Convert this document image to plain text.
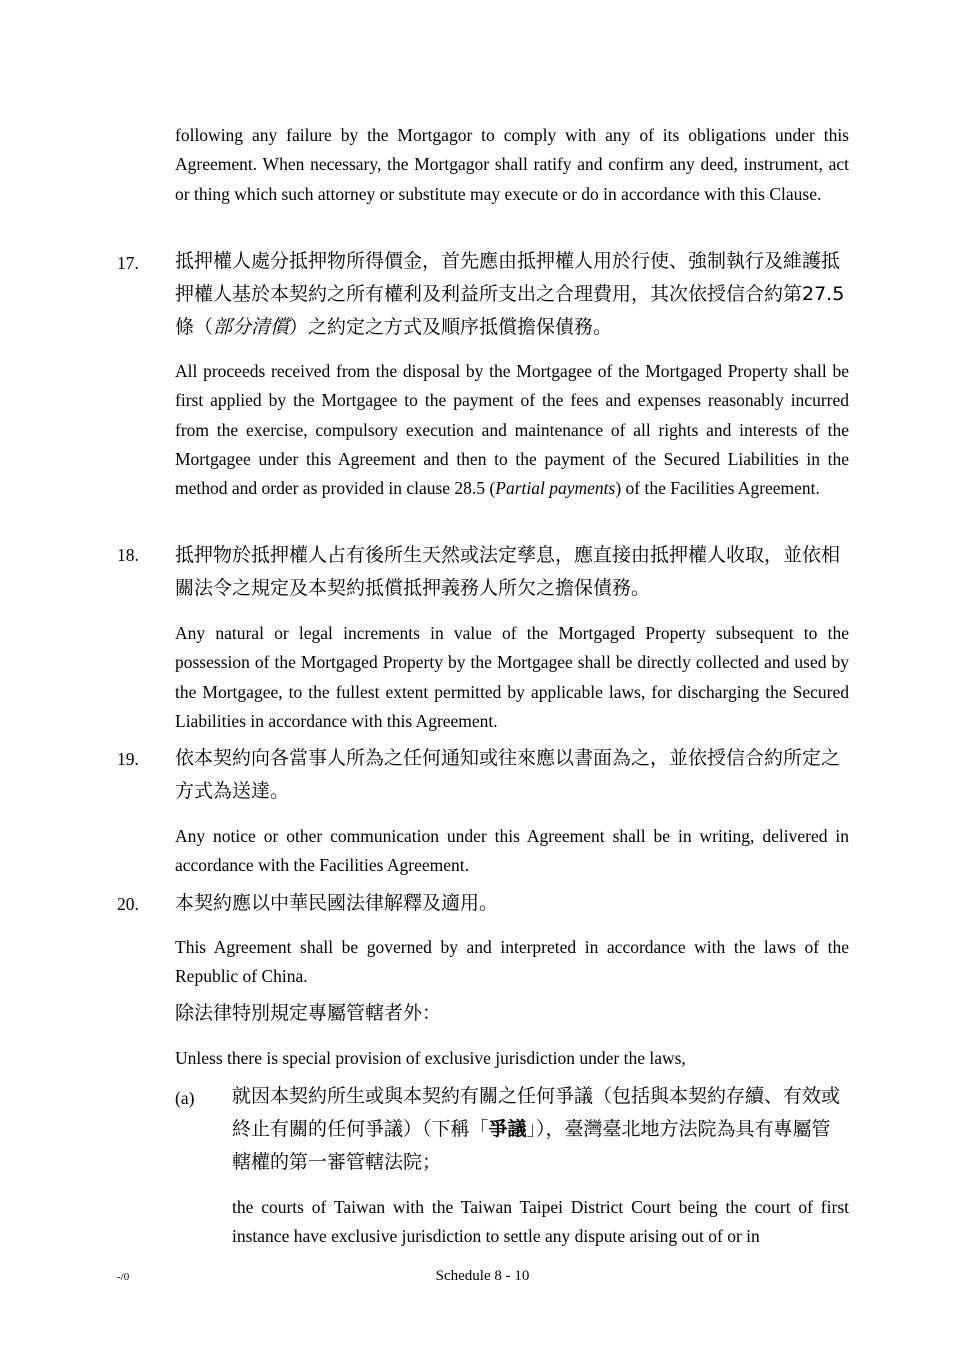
following any failure by the Mortgagor to comply with any of its obligations under this Agreement. When necessary, the Mortgagor shall ratify and confirm any deed, instrument, act or thing which such attorney or substitute may execute or do in accordance with this Clause.

17. 抵押權人處分抵押物所得價金，首先應由抵押權人用於行使、強制執行及維護抵押權人基於本契約之所有權利及利益所支出之合理費用，其次依授信合約第27.5條（部分清償）之約定之方式及順序抵償擔保債務。

All proceeds received from the disposal by the Mortgagee of the Mortgaged Property shall be first applied by the Mortgagee to the payment of the fees and expenses reasonably incurred from the exercise, compulsory execution and maintenance of all rights and interests of the Mortgagee under this Agreement and then to the payment of the Secured Liabilities in the method and order as provided in clause 28.5 (Partial payments) of the Facilities Agreement.

18. 抵押物於抵押權人占有後所生天然或法定孳息，應直接由抵押權人收取，並依相關法令之規定及本契約抵償抵押義務人所欠之擔保債務。

Any natural or legal increments in value of the Mortgaged Property subsequent to the possession of the Mortgaged Property by the Mortgagee shall be directly collected and used by the Mortgagee, to the fullest extent permitted by applicable laws, for discharging the Secured Liabilities in accordance with this Agreement.

19. 依本契約向各當事人所為之任何通知或往來應以書面為之，並依授信合約所定之方式為送達。

Any notice or other communication under this Agreement shall be in writing, delivered in accordance with the Facilities Agreement.

20. 本契約應以中華民國法律解釋及適用。

This Agreement shall be governed by and interpreted in accordance with the laws of the Republic of China.

除法律特別規定專屬管轄者外：

Unless there is special provision of exclusive jurisdiction under the laws,

(a) 就因本契約所生或與本契約有關之任何爭議（包括與本契約存續、有效或終止有關的任何爭議）（下稱「爭議」），臺灣臺北地方法院為具有專屬管轄權的第一審管轄法院；

the courts of Taiwan with the Taiwan Taipei District Court being the court of first instance have exclusive jurisdiction to settle any dispute arising out of or in

-/0	Schedule 8 - 10
